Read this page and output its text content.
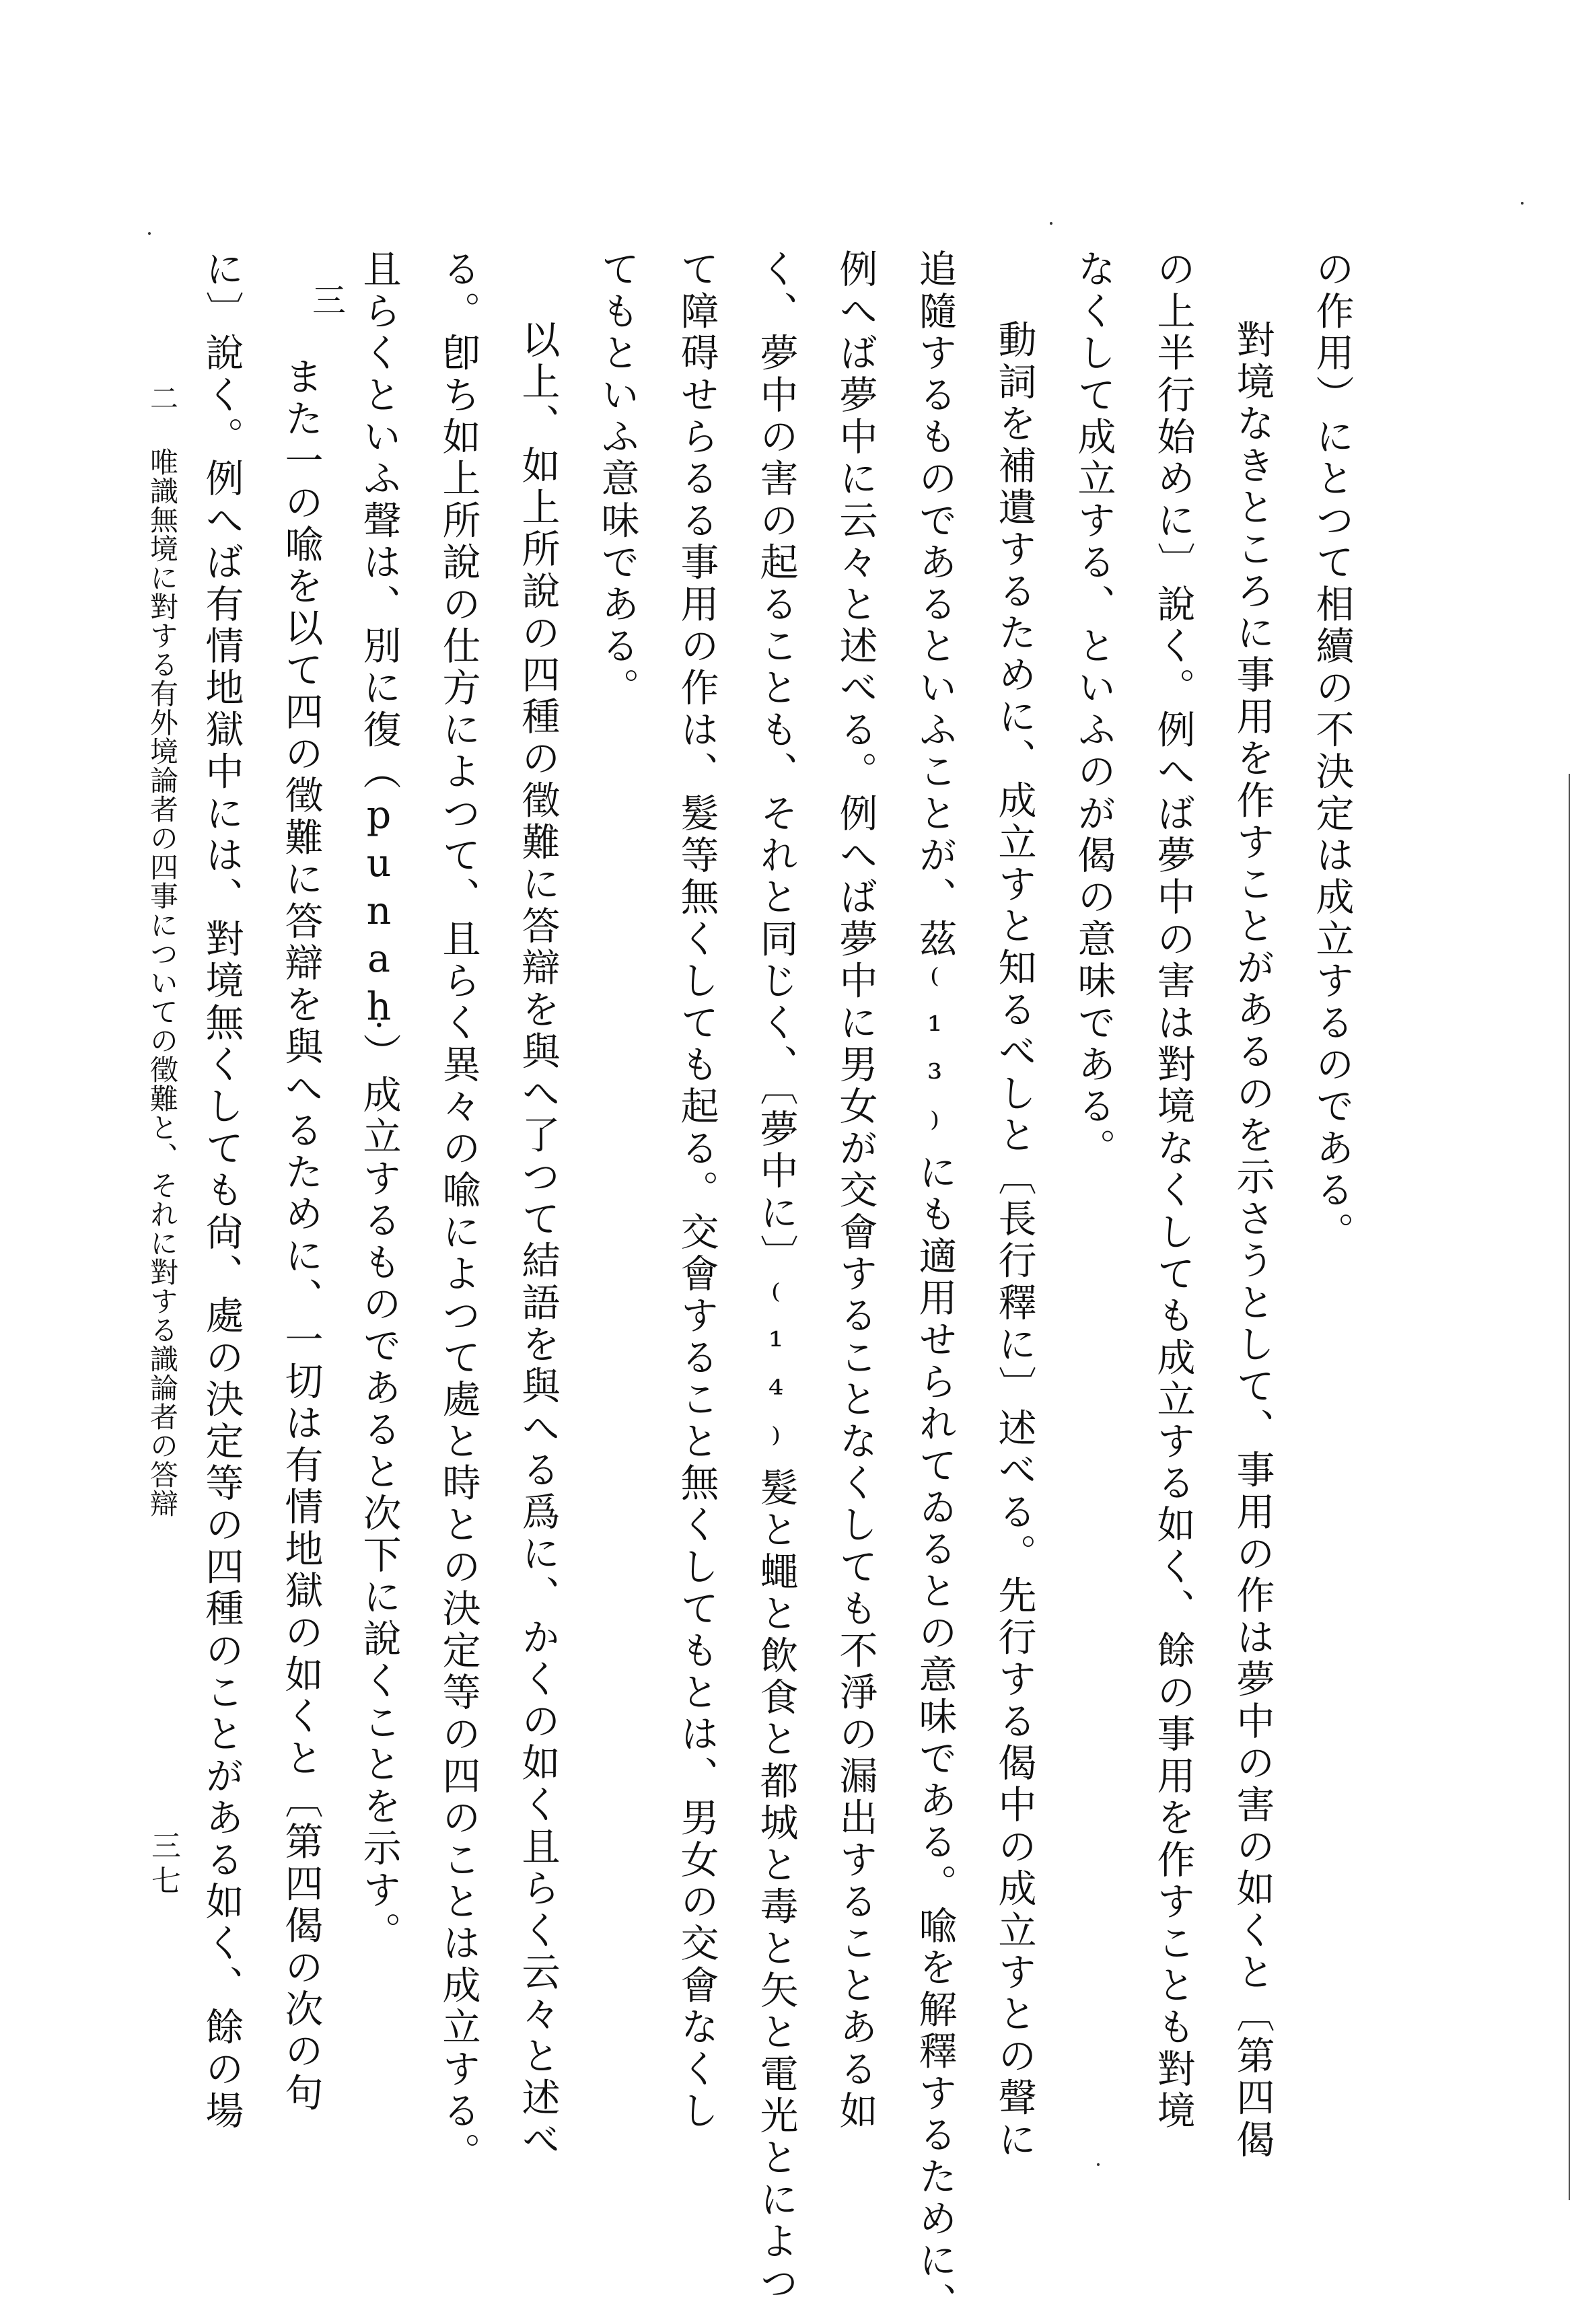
の作用）にとつて相續の不決定は成立するのである。
對境なきところに事用を作すことがあるのを示さうとして、事用の作は夢中の害の如くと〔第四偈
の上半行始めに〕說く。例へば夢中の害は對境なくしても成立する如く、餘の事用を作すことも對境
なくして成立する、といふのが偈の意味である。
動詞を補遺するために、成立すと知るべしと〔長行釋に〕述べる。先行する偈中の成立すとの聲に
追隨するものであるといふことが、茲⁽¹³⁾にも適用せられてゐるとの意味である。喩を解釋するために、
例へば夢中に云々と述べる。例へば夢中に男女が交會することなくしても不淨の漏出することある如
く、夢中の害の起ることも、それと同じく、〔夢中に〕⁽¹⁴⁾髮と蠅と飲食と都城と毒と矢と電光とによつ
て障碍せらるる事用の作は、髮等無くしても起る。交會すること無くしてもとは、男女の交會なくし
てもといふ意味である。
以上、如上所說の四種の徵難に答辯を與へ了つて結語を與へる爲に、かくの如く且らく云々と述べ
る。卽ち如上所說の仕方によつて、且らく異々の喩によつて處と時との決定等の四のことは成立する。
且らくといふ聲は、別に復（punaḥ）成立するものであると次下に說くことを示す。
三
また一の喩を以て四の徵難に答辯を與へるために、一切は有情地獄の如くと〔第四偈の次の句
に〕說く。例へば有情地獄中には、對境無くしても尙、處の決定等の四種のことがある如く、餘の場
二
唯識無境に對する有外境論者の四事についての徵難と、それに對する識論者の答辯
三七
